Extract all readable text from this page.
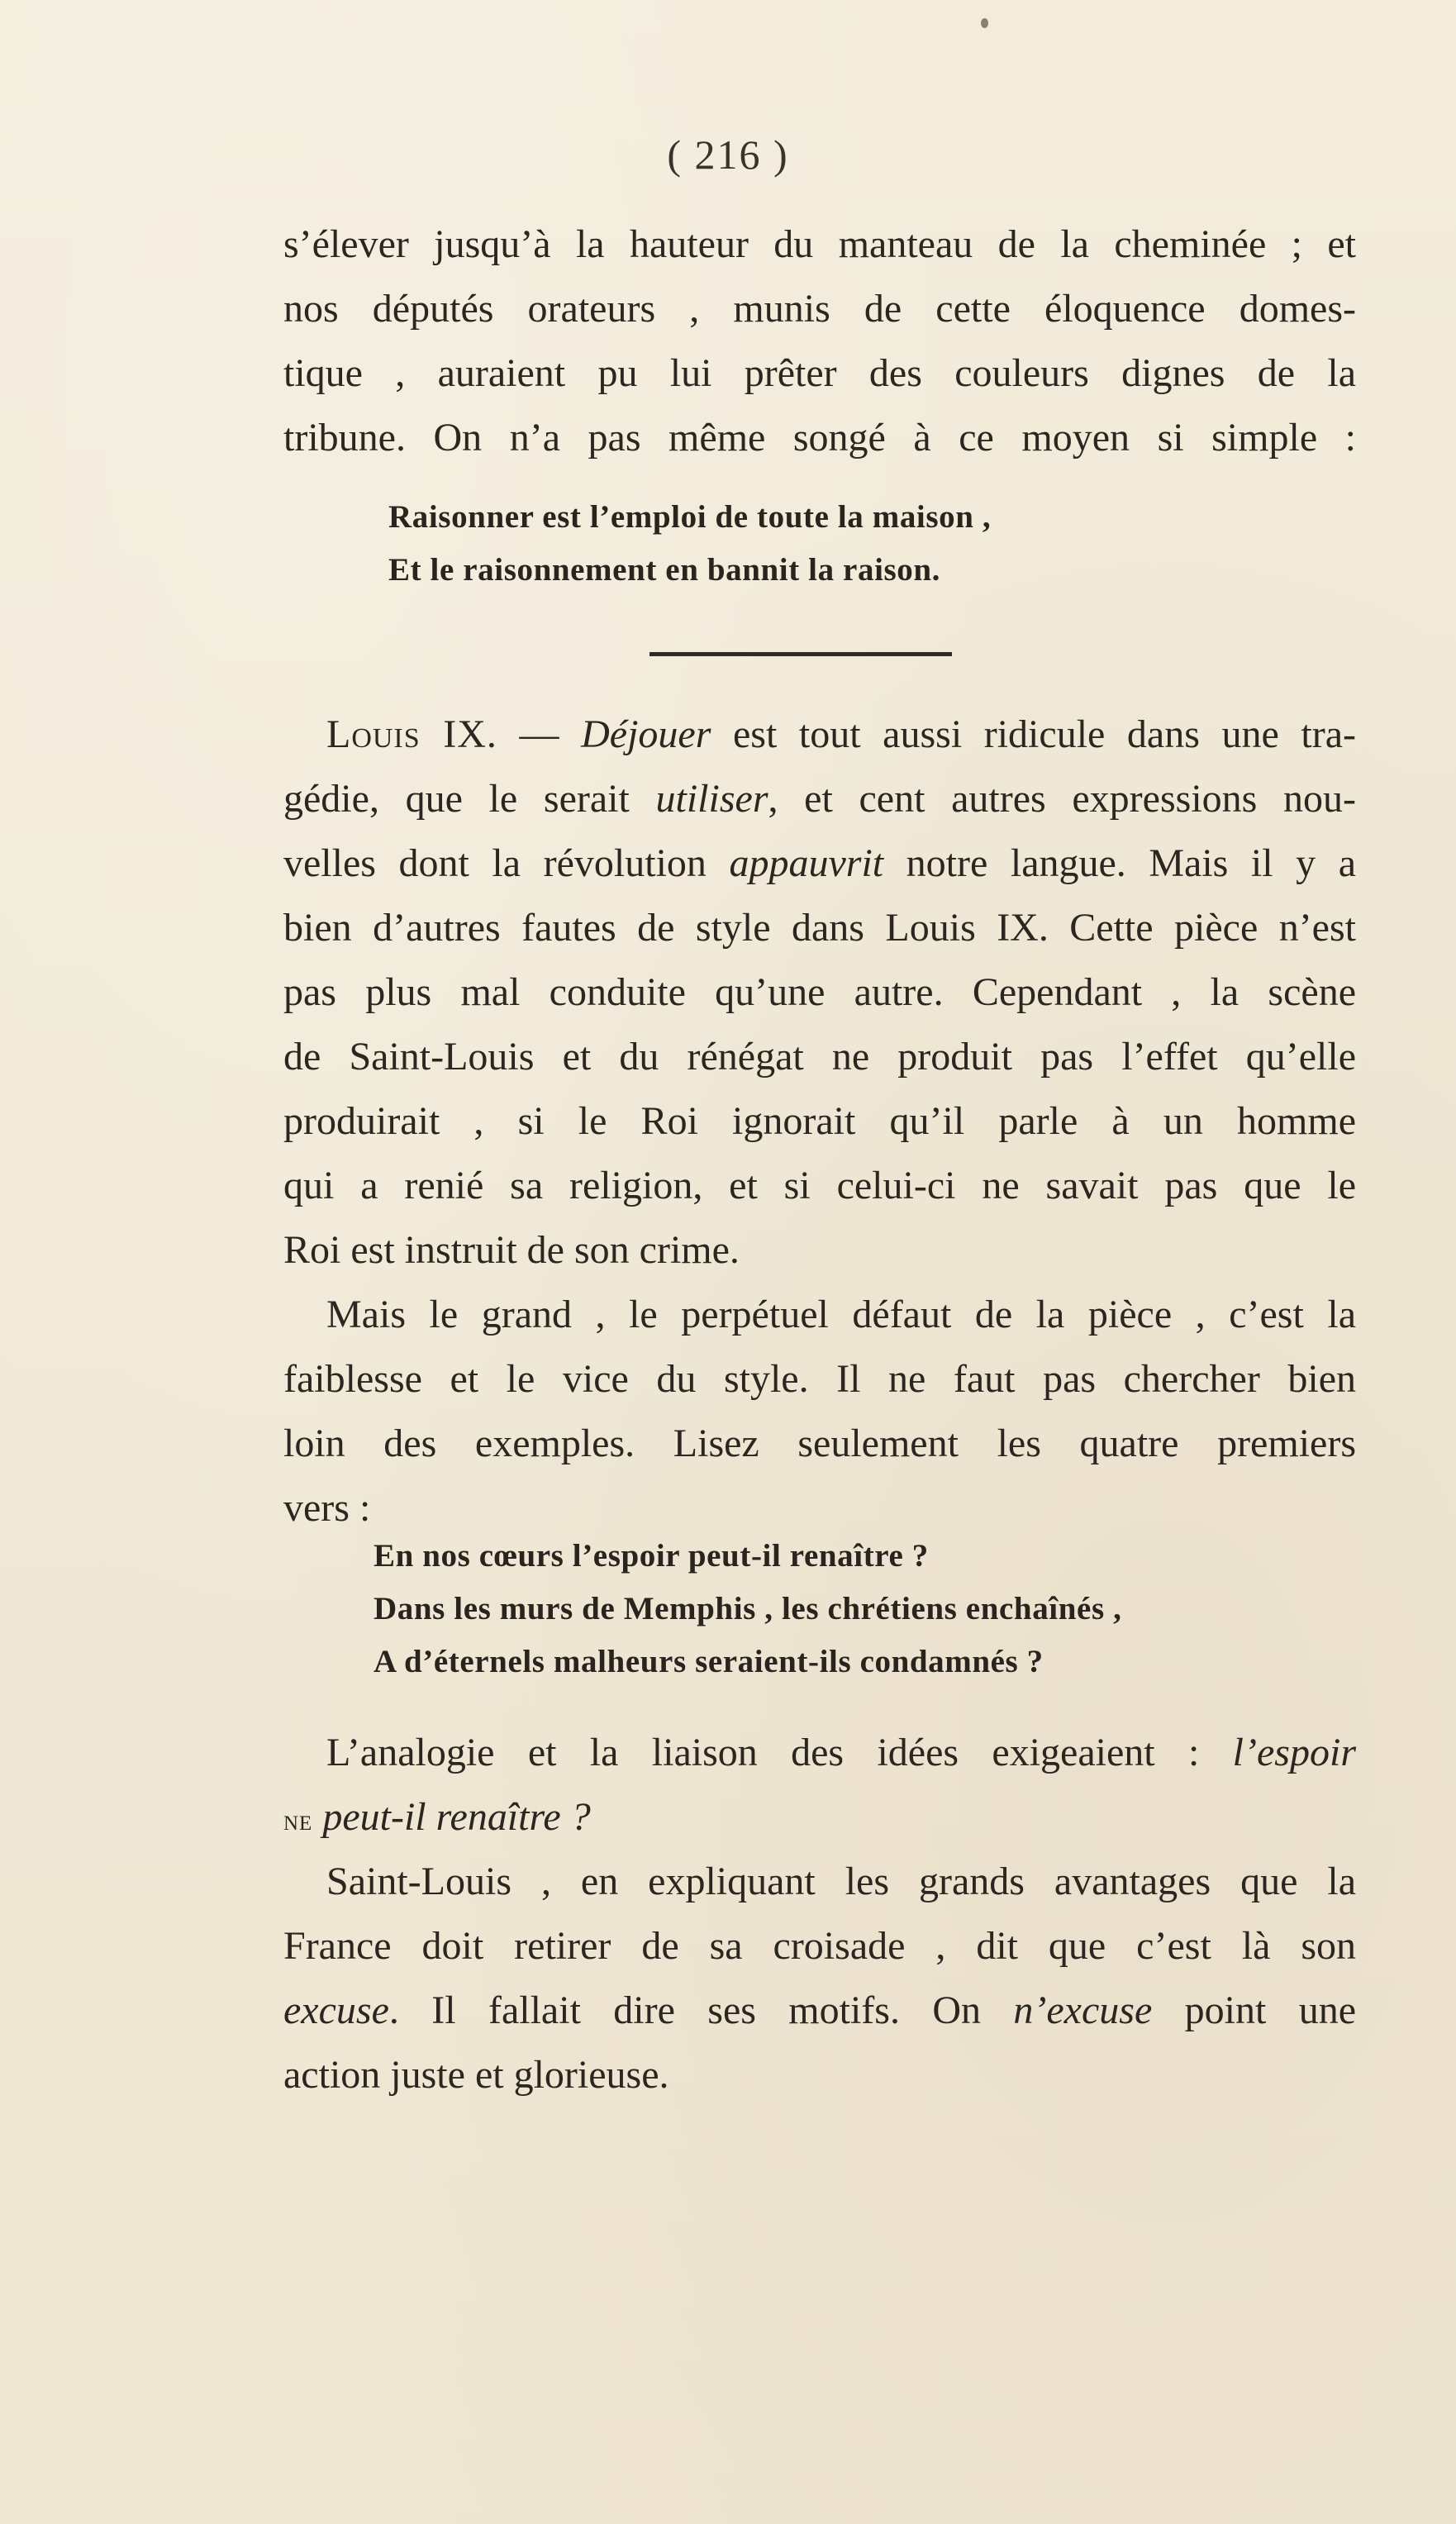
( 216 )
s’élever jusqu’à la hauteur du manteau de la cheminée ; et
nos députés orateurs , munis de cette éloquence domes-
tique , auraient pu lui prêter des couleurs dignes de la
tribune. On n’a pas même songé à ce moyen si simple :
Raisonner est l’emploi de toute la maison ,
Et le raisonnement en bannit la raison.
Louis IX. — Déjouer est tout aussi ridicule dans une tra-
gédie, que le serait utiliser, et cent autres expressions nou-
velles dont la révolution appauvrit notre langue. Mais il y a
bien d’autres fautes de style dans Louis IX. Cette pièce n’est
pas plus mal conduite qu’une autre. Cependant , la scène
de Saint-Louis et du rénégat ne produit pas l’effet qu’elle
produirait , si le Roi ignorait qu’il parle à un homme
qui a renié sa religion, et si celui-ci ne savait pas que le
Roi est instruit de son crime.
Mais le grand , le perpétuel défaut de la pièce , c’est la
faiblesse et le vice du style. Il ne faut pas chercher bien
loin des exemples. Lisez seulement les quatre premiers
vers :
En nos cœurs l’espoir peut-il renaître ?
Dans les murs de Memphis , les chrétiens enchaînés ,
A d’éternels malheurs seraient-ils condamnés ?
L’analogie et la liaison des idées exigeaient : l’espoir
ne peut-il renaître ?
Saint-Louis , en expliquant les grands avantages que la
France doit retirer de sa croisade , dit que c’est là son
excuse. Il fallait dire ses motifs. On n’excuse point une
action juste et glorieuse.
